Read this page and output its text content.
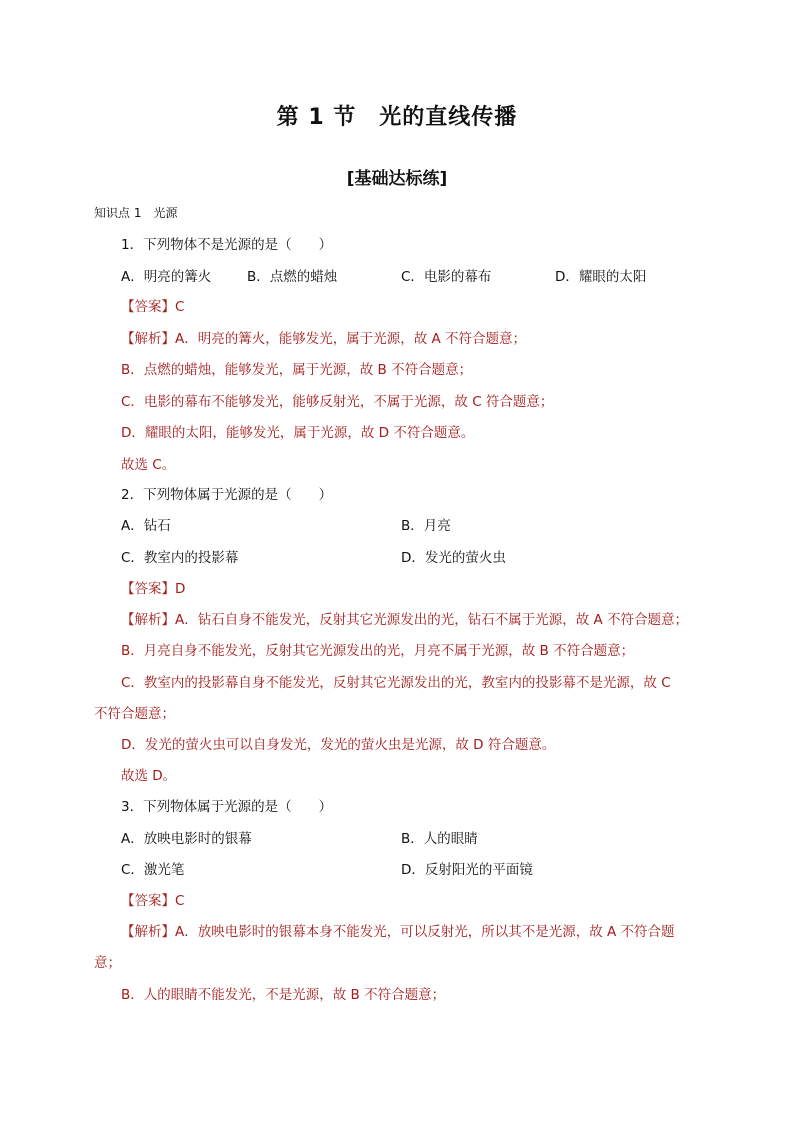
第 1 节　光的直线传播
[基础达标练]
知识点 1　光源
1．下列物体不是光源的是（　　）
A．明亮的篝火	B．点燃的蜡烛	C．电影的幕布	D．耀眼的太阳
【答案】C
【解析】A．明亮的篝火，能够发光，属于光源，故 A 不符合题意；
B．点燃的蜡烛，能够发光，属于光源，故 B 不符合题意；
C．电影的幕布不能够发光，能够反射光，不属于光源，故 C 符合题意；
D．耀眼的太阳，能够发光，属于光源，故 D 不符合题意。
故选 C。
2．下列物体属于光源的是（　　）
A．钻石	B．月亮
C．教室内的投影幕	D．发光的萤火虫
【答案】D
【解析】A．钻石自身不能发光，反射其它光源发出的光，钻石不属于光源，故 A 不符合题意；
B．月亮自身不能发光，反射其它光源发出的光，月亮不属于光源，故 B 不符合题意；
C．教室内的投影幕自身不能发光，反射其它光源发出的光，教室内的投影幕不是光源，故 C
不符合题意；
D．发光的萤火虫可以自身发光，发光的萤火虫是光源，故 D 符合题意。
故选 D。
3．下列物体属于光源的是（　　）
A．放映电影时的银幕	B．人的眼睛
C．激光笔	D．反射阳光的平面镜
【答案】C
【解析】A．放映电影时的银幕本身不能发光，可以反射光，所以其不是光源，故 A 不符合题
意；
B．人的眼睛不能发光，不是光源，故 B 不符合题意；
